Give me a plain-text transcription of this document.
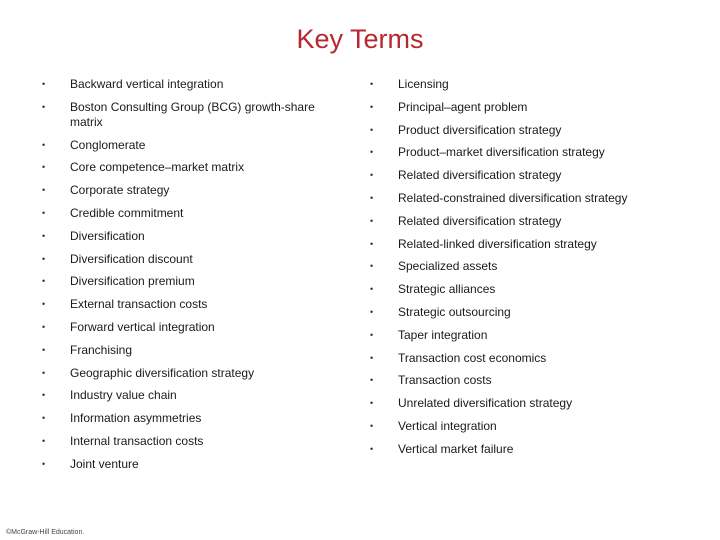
Key Terms
•	Backward vertical integration
•	Boston Consulting Group (BCG) growth-share matrix
•	Conglomerate
•	Core competence–market matrix
•	Corporate strategy
•	Credible commitment
•	Diversification
•	Diversification discount
•	Diversification premium
•	External transaction costs
•	Forward vertical integration
•	Franchising
•	Geographic diversification strategy
•	Industry value chain
•	Information asymmetries
•	Internal transaction costs
•	Joint venture
•	Licensing
•	Principal–agent problem
•	Product diversification strategy
•	Product–market diversification strategy
•	Related diversification strategy
•	Related-constrained diversification strategy
•	Related diversification strategy
•	Related-linked diversification strategy
•	Specialized assets
•	Strategic alliances
•	Strategic outsourcing
•	Taper integration
•	Transaction cost economics
•	Transaction costs
•	Unrelated diversification strategy
•	Vertical integration
•	Vertical market failure
©McGraw-Hill Education.
